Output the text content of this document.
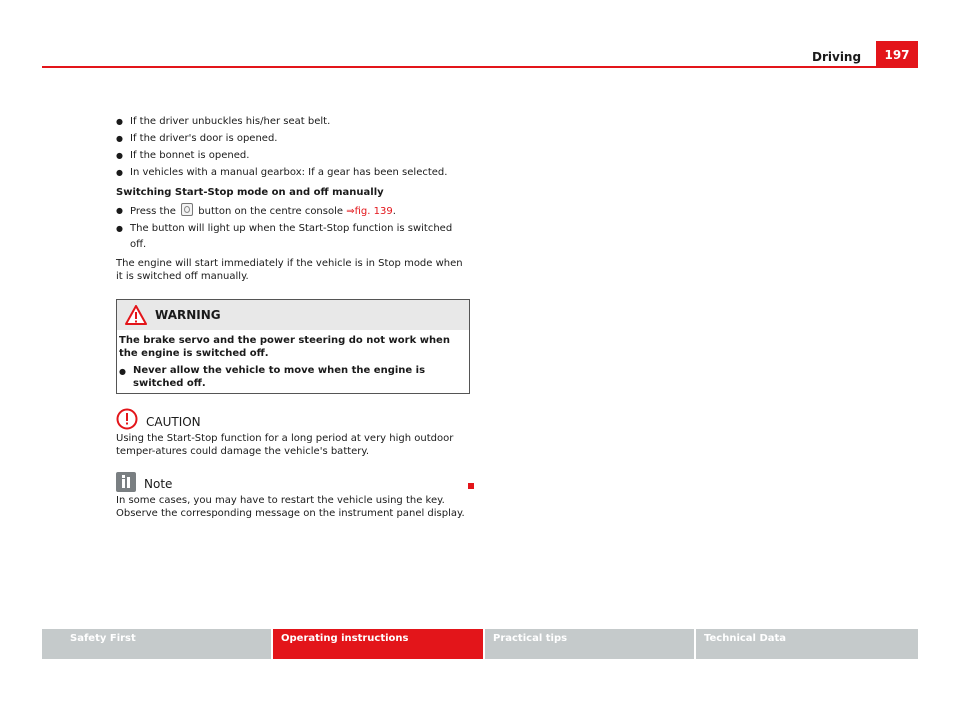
Driving	197
● If the driver unbuckles his/her seat belt.
● If the driver's door is opened.
● If the bonnet is opened.
● In vehicles with a manual gearbox: If a gear has been selected.
Switching Start-Stop mode on and off manually
● Press the button on the centre console ⇒fig. 139.
● The button will light up when the Start-Stop function is switched off.
The engine will start immediately if the vehicle is in Stop mode when it is switched off manually.
WARNING
The brake servo and the power steering do not work when the engine is switched off.
● Never allow the vehicle to move when the engine is switched off.
CAUTION
Using the Start-Stop function for a long period at very high outdoor temper-atures could damage the vehicle's battery.
Note
In some cases, you may have to restart the vehicle using the key. Observe the corresponding message on the instrument panel display.
Safety First	Operating instructions	Practical tips	Technical Data
